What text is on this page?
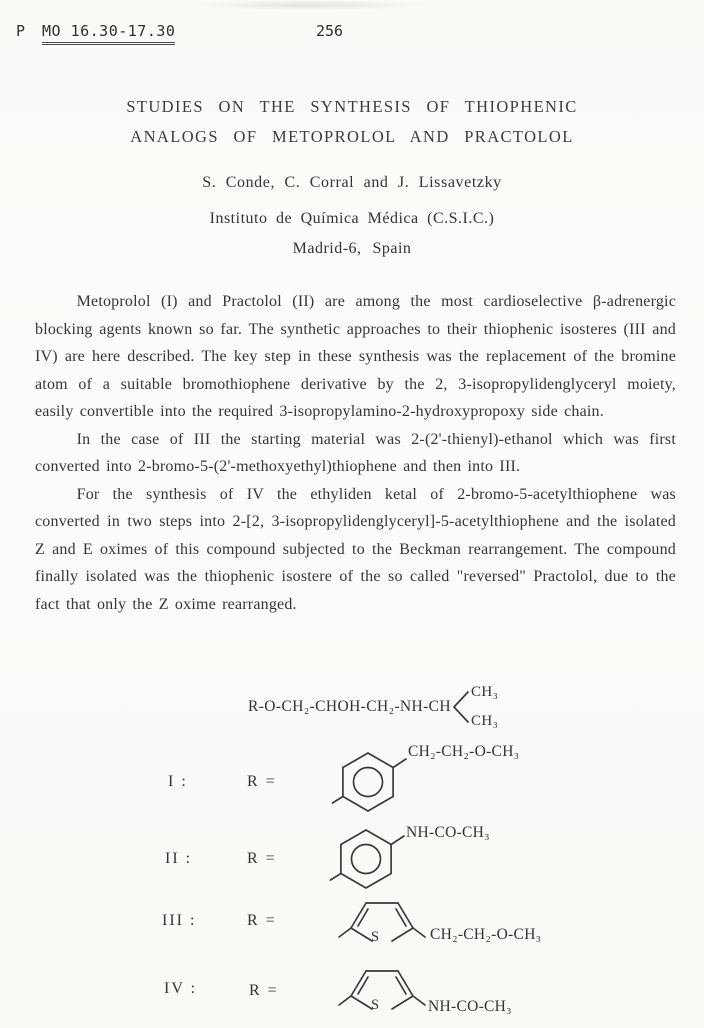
P MO 16.30-17.30	256
STUDIES ON THE SYNTHESIS OF THIOPHENIC
ANALOGS OF METOPROLOL AND PRACTOLOL
S. Conde, C. Corral and J. Lissavetzky
Instituto de Química Médica (C.S.I.C.)
Madrid-6, Spain

Metoprolol (I) and Practolol (II) are among the most cardioselective β-adrenergic blocking agents known so far. The synthetic approaches to their thiophenic isosteres (III and IV) are here described. The key step in these synthesis was the replacement of the bromine atom of a suitable bromothiophene derivative by the 2, 3-isopropylidenglyceryl moiety, easily convertible into the required 3-isopropylamino-2-hydroxypropoxy side chain.

In the case of III the starting material was 2-(2'-thienyl)-ethanol which was first converted into 2-bromo-5-(2'-methoxyethyl)thiophene and then into III.

For the synthesis of IV the ethyliden ketal of 2-bromo-5-acetylthiophene was converted in two steps into 2-[2, 3-isopropylidenglyceryl]-5-acetylthiophene and the isolated Z and E oximes of this compound subjected to the Beckman rearrangement. The compound finally isolated was the thiophenic isostere of the so called "reversed" Practolol, due to the fact that only the Z oxime rearranged.

R-O-CH₂-CHOH-CH₂-NH-CH
CH₃
CH₃
I :	R =
CH₂-CH₂-O-CH₃
II :	R =
NH-CO-CH₃
III :	R =
S	CH₂-CH₂-O-CH₃
IV :	R =
S	NH-CO-CH₃
